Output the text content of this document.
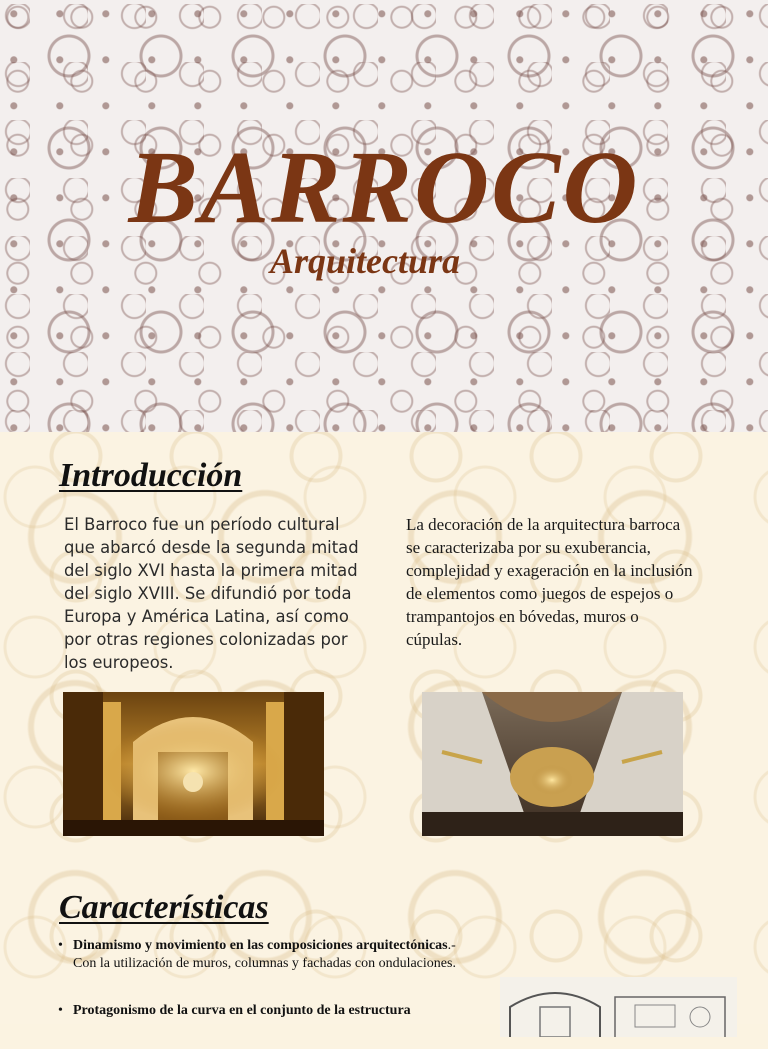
BARROCO
Arquitectura
Introducción
El Barroco fue un período cultural que abarcó desde la segunda mitad del siglo XVI hasta la primera mitad del siglo XVIII. Se difundió por toda Europa y América Latina, así como por otras regiones colonizadas por los europeos.
La decoración de la arquitectura barroca se caracterizaba por su exuberancia, complejidad y exageración en la inclusión de elementos como juegos de espejos o trampantojos en bóvedas, muros o cúpulas.
Características
• Dinamismo y movimiento en las composiciones arquitectónicas.- Con la utilización de muros, columnas y fachadas con ondulaciones.
• Protagonismo de la curva en el conjunto de la estructura
